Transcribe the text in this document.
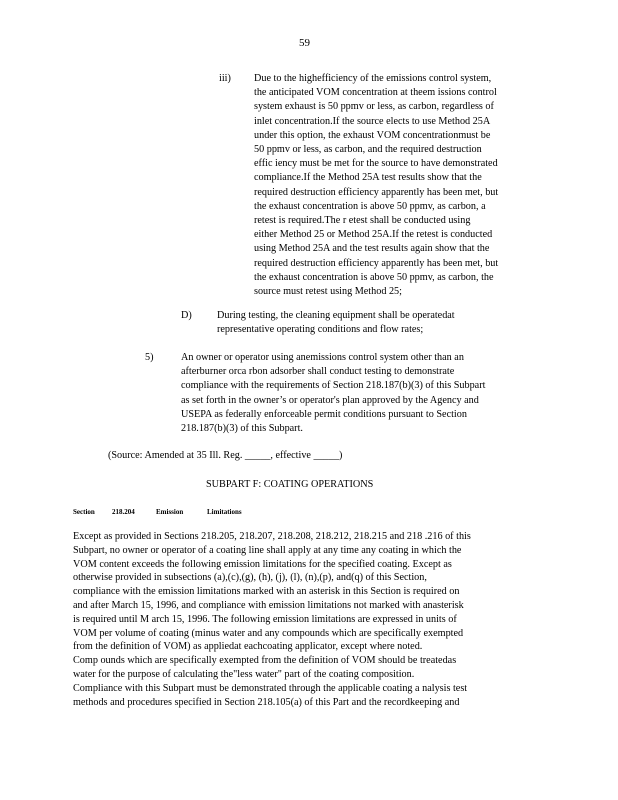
59
iii) Due to the highefficiency of the emissions control system,
the anticipated VOM concentration at theem issions control
system exhaust is 50 ppmv or less, as carbon, regardless of
inlet concentration.If the source elects to use Method 25A
under this option, the exhaust VOM concentrationmust be
50 ppmv or less, as carbon, and the required destruction
effic iency must be met for the source to have demonstrated
compliance.If the Method 25A test results show that the
required destruction efficiency apparently has been met, but
the exhaust concentration is above 50 ppmv, as carbon, a
retest is required.The r etest shall be conducted using
either Method 25 or Method 25A.If the retest is conducted
using Method 25A and the test results again show that the
required destruction efficiency apparently has been met, but
the exhaust concentration is above 50 ppmv, as carbon, the
source must retest using Method 25;
D) During testing, the cleaning equipment shall be operatedat
representative operating conditions and flow rates;
5)	An owner or operator using anemissions control system other than an
afterburner orca rbon adsorber shall conduct testing to demonstrate
compliance with the requirements of Section 218.187(b)(3) of this Subpart
as set forth in the owner’s or operator's plan approved by the Agency and
USEPA as federally enforceable permit conditions pursuant to Section
218.187(b)(3) of this Subpart.
(Source: Amended at 35 Ill. Reg. _____, effective _____)
SUBPART F: COATING OPERATIONS
Section 218.204	Emission	Limitations
Except as provided in Sections 218.205, 218.207, 218.208, 218.212, 218.215 and 218 .216 of this
Subpart, no owner or operator of a coating line shall apply at any time any coating in which the
VOM content exceeds the following emission limitations for the specified coating. Except as
otherwise provided in subsections (a),(c),(g), (h), (j), (l), (n),(p), and(q) of this Section,
compliance with the emission limitations marked with an asterisk in this Section is required on
and after March 15, 1996, and compliance with emission limitations not marked with anasterisk
is required until M arch 15, 1996. The following emission limitations are expressed in units of
VOM per volume of coating (minus water and any compounds which are specifically exempted
from the definition of VOM) as appliedat eachcoating applicator, except where noted.
Comp ounds which are specifically exempted from the definition of VOM should be treatedas
water for the purpose of calculating the"less water" part of the coating composition.
Compliance with this Subpart must be demonstrated through the applicable coating a nalysis test
methods and procedures specified in Section 218.105(a) of this Part and the recordkeeping and
